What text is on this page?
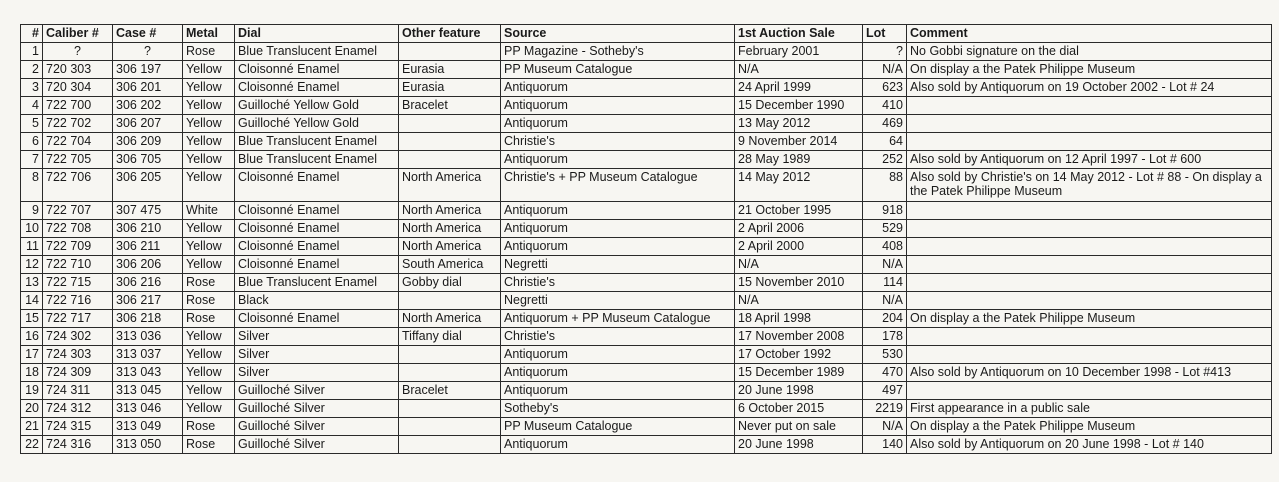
#	Caliber #	Case #	Metal	Dial	Other feature	Source	1st Auction Sale	Lot	Comment
1	?	?	Rose	Blue Translucent Enamel		PP Magazine - Sotheby's	February 2001	?	No Gobbi signature on the dial
2	720 303	306 197	Yellow	Cloisonné Enamel	Eurasia	PP Museum Catalogue	N/A	N/A	On display a the Patek Philippe Museum
3	720 304	306 201	Yellow	Cloisonné Enamel	Eurasia	Antiquorum	24 April 1999	623	Also sold by Antiquorum on 19 October 2002 - Lot # 24
4	722 700	306 202	Yellow	Guilloché Yellow Gold	Bracelet	Antiquorum	15 December 1990	410	
5	722 702	306 207	Yellow	Guilloché Yellow Gold		Antiquorum	13 May 2012	469	
6	722 704	306 209	Yellow	Blue Translucent Enamel		Christie's	9 November 2014	64	
7	722 705	306 705	Yellow	Blue Translucent Enamel		Antiquorum	28 May 1989	252	Also sold by Antiquorum on 12 April 1997 - Lot # 600
8	722 706	306 205	Yellow	Cloisonné Enamel	North America	Christie's + PP Museum Catalogue	14 May 2012	88	Also sold by Christie's on 14 May 2012 - Lot # 88 - On display a the Patek Philippe Museum
9	722 707	307 475	White	Cloisonné Enamel	North America	Antiquorum	21 October 1995	918	
10	722 708	306 210	Yellow	Cloisonné Enamel	North America	Antiquorum	2 April 2006	529	
11	722 709	306 211	Yellow	Cloisonné Enamel	North America	Antiquorum	2 April 2000	408	
12	722 710	306 206	Yellow	Cloisonné Enamel	South America	Negretti	N/A	N/A	
13	722 715	306 216	Rose	Blue Translucent Enamel	Gobby dial	Christie's	15 November 2010	114	
14	722 716	306 217	Rose	Black		Negretti	N/A	N/A	
15	722 717	306 218	Rose	Cloisonné Enamel	North America	Antiquorum + PP Museum Catalogue	18 April 1998	204	On display a the Patek Philippe Museum
16	724 302	313 036	Yellow	Silver	Tiffany dial	Christie's	17 November 2008	178	
17	724 303	313 037	Yellow	Silver		Antiquorum	17 October 1992	530	
18	724 309	313 043	Yellow	Silver		Antiquorum	15 December 1989	470	Also sold by Antiquorum on 10 December 1998 - Lot #413
19	724 311	313 045	Yellow	Guilloché Silver	Bracelet	Antiquorum	20 June 1998	497	
20	724 312	313 046	Yellow	Guilloché Silver		Sotheby's	6 October 2015	2219	First appearance in a public sale
21	724 315	313 049	Rose	Guilloché Silver		PP Museum Catalogue	Never put on sale	N/A	On display a the Patek Philippe Museum
22	724 316	313 050	Rose	Guilloché Silver		Antiquorum	20 June 1998	140	Also sold by Antiquorum on 20 June 1998 - Lot # 140
